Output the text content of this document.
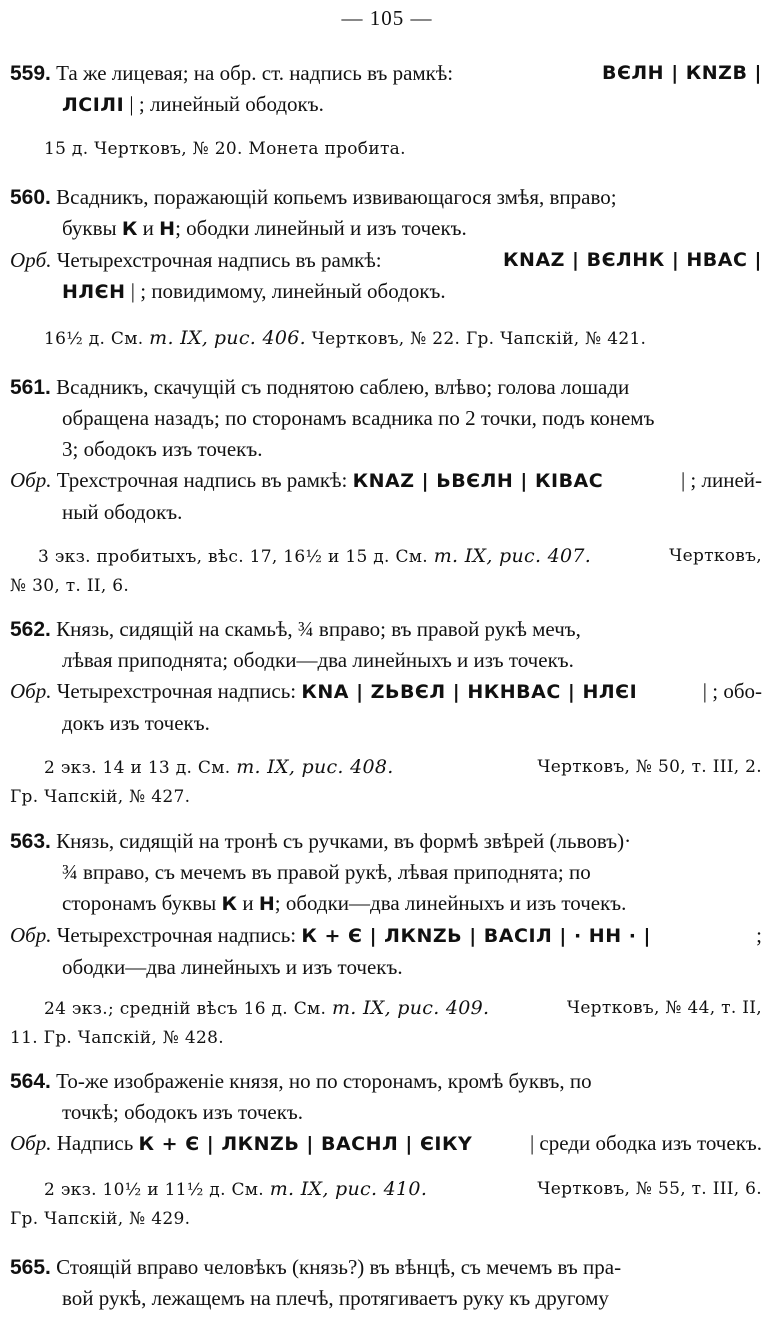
— 105 —
559. Та же лицевая; на обр. ст. надпись въ рамкѣ:	ВЄЛН | КNZВ |
ЛСІЛІ | ; линейный ободокъ.
15 д. Чертковъ, № 20. Монета пробита.
560. Всадникъ, поражающій копьемъ извивающагося змѣя, вправо;
буквы К и Н; ободки линейный и изъ точекъ.
Орб. Четырехстрочная надпись въ рамкѣ:	КNAZ | ВЄЛНК | НВАС |
НЛЄН | ; повидимому, линейный ободокъ.
16½ д. См. т. IX, рис. 406. Чертковъ, № 22. Гр. Чапскій, № 421.
561. Всадникъ, скачущій съ поднятою саблею, влѣво; голова лошади
обращена назадъ; по сторонамъ всадника по 2 точки, подъ конемъ
3; ободокъ изъ точекъ.
Обр. Трехстрочная надпись въ рамкѣ: КNAZ | ЬВЄЛН | КІВАС	| ; линей-
ный ободокъ.
3 экз. пробитыхъ, вѣс. 17, 16½ и 15 д. См. т. IX, рис. 407.	Чертковъ,
№ 30, т. II, 6.
562. Князь, сидящій на скамьѣ, ¾ вправо; въ правой рукѣ мечъ,
лѣвая приподнята; ободки—два линейныхъ и изъ точекъ.
Обр. Четырехстрочная надпись: КNA | ZЬВЄЛ | НКНВАС | НЛЄІ	| ; обо-
докъ изъ точекъ.
2 экз. 14 и 13 д. См. т. IX, рис. 408.	Чертковъ, № 50, т. III, 2.
Гр. Чапскій, № 427.
563. Князь, сидящій на тронѣ съ ручками, въ формѣ звѣрей (львовъ)·
¾ вправо, съ мечемъ въ правой рукѣ, лѣвая приподнята; по
сторонамъ буквы К и Н; ободки—два линейныхъ и изъ точекъ.
Обр. Четырехстрочная надпись: К + Є | ЛКNZЬ | ВАСІЛ | · НН · |	;
ободки—два линейныхъ и изъ точекъ.
24 экз.; средній вѣсъ 16 д. См. т. IX, рис. 409.	Чертковъ, № 44, т. II,
11. Гр. Чапскій, № 428.
564. То-же изображеніе князя, но по сторонамъ, кромѣ буквъ, по
точкѣ; ободокъ изъ точекъ.
Обр. Надпись К + Є | ЛКNZЬ | ВАСНЛ | ЄІКҮ	| среди ободка изъ точекъ.
2 экз. 10½ и 11½ д. См. т. IX, рис. 410.	Чертковъ, № 55, т. III, 6.
Гр. Чапскій, № 429.
565. Стоящій вправо человѣкъ (князь?) въ вѣнцѣ, съ мечемъ въ пра-
вой рукѣ, лежащемъ на плечѣ, протягиваетъ руку къ другому
